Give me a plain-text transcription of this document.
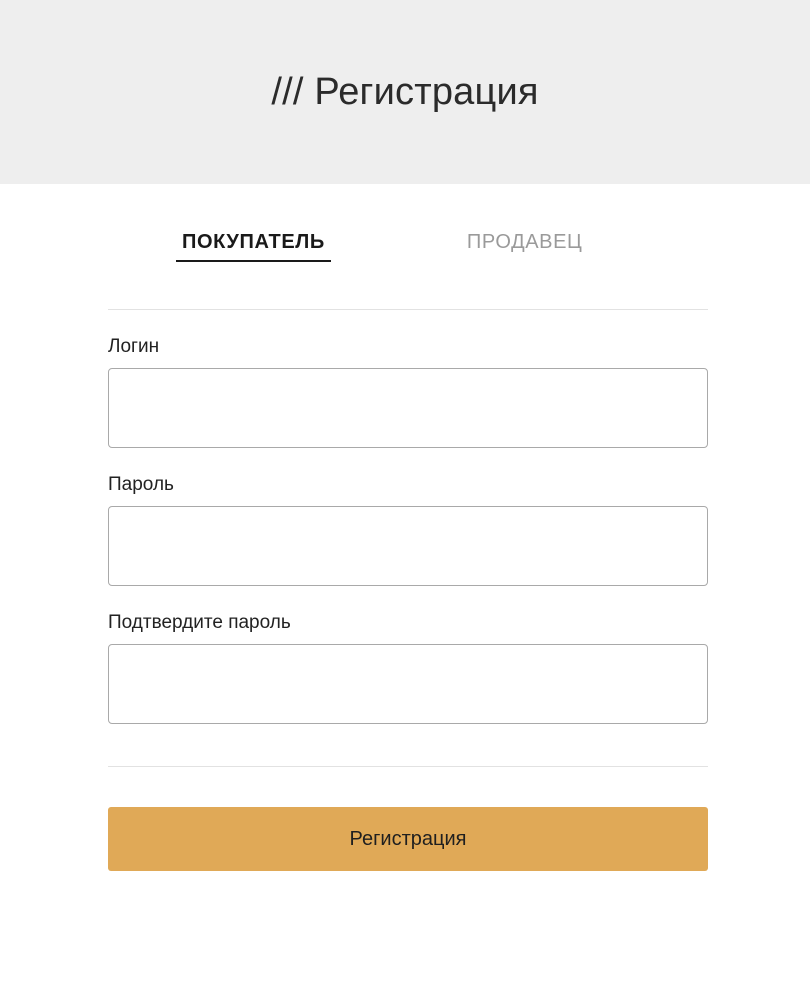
/// Регистрация
ПОКУПАТЕЛЬ	ПРОДАВЕЦ
Логин
Пароль
Подтвердите пароль
Регистрация
